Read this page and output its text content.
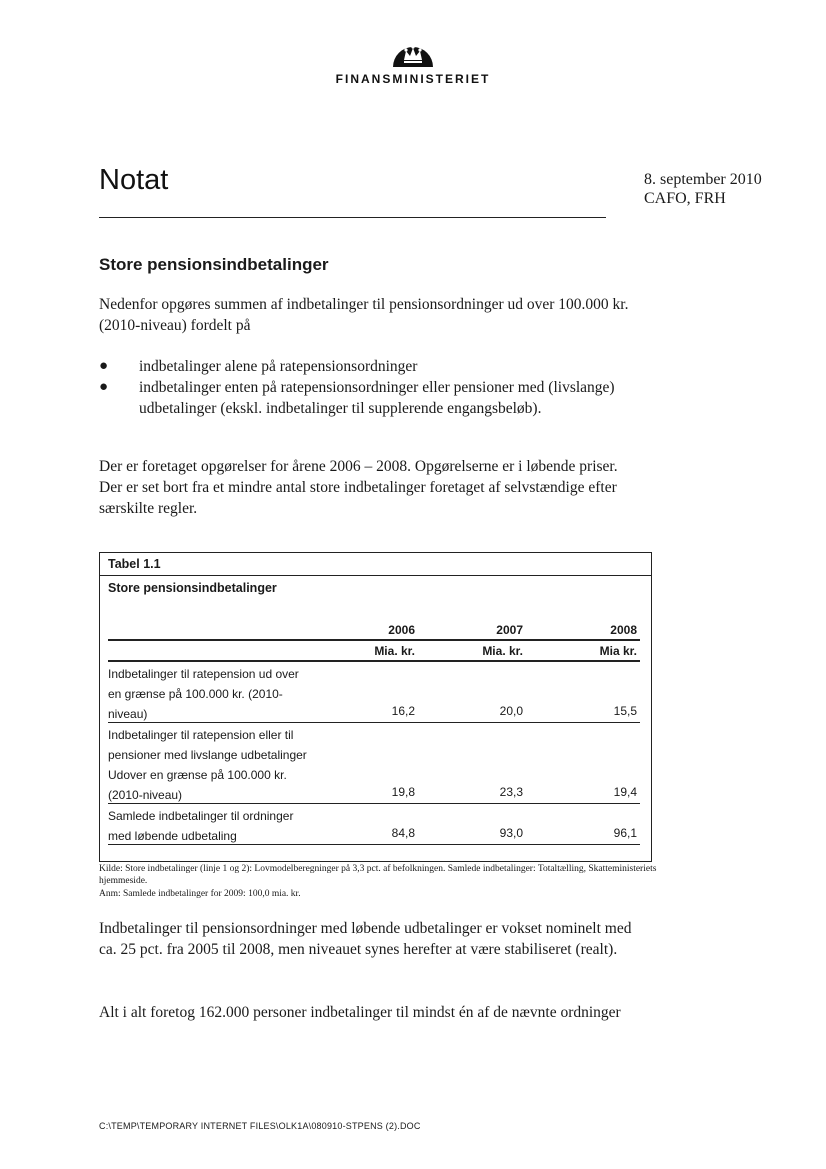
FINANSMINISTERIET
Notat	8. september 2010
CAFO, FRH
Store pensionsindbetalinger
Nedenfor opgøres summen af indbetalinger til pensionsordninger ud over 100.000 kr. (2010-niveau) fordelt på
● indbetalinger alene på ratepensionsordninger
● indbetalinger enten på ratepensionsordninger eller pensioner med (livslange) udbetalinger (ekskl. indbetalinger til supplerende engangsbeløb).
Der er foretaget opgørelser for årene 2006 – 2008. Opgørelserne er i løbende priser. Der er set bort fra et mindre antal store indbetalinger foretaget af selvstændige efter særskilte regler.
Tabel 1.1
Store pensionsindbetalinger
2006	2007	2008
Mia. kr.	Mia. kr.	Mia kr.
Indbetalinger til ratepension ud over
en grænse på 100.000 kr. (2010-
niveau)	16,2	20,0	15,5
Indbetalinger til ratepension eller til
pensioner med livslange udbetalinger
Udover en grænse på 100.000 kr.
(2010-niveau)	19,8	23,3	19,4
Samlede indbetalinger til ordninger
med løbende udbetaling	84,8	93,0	96,1
Kilde: Store indbetalinger (linje 1 og 2): Lovmodelberegninger på 3,3 pct. af befolkningen. Samlede indbetalinger: Totaltælling, Skatteministeriets hjemmeside.
Anm: Samlede indbetalinger for 2009: 100,0 mia. kr.
Indbetalinger til pensionsordninger med løbende udbetalinger er vokset nominelt med ca. 25 pct. fra 2005 til 2008, men niveauet synes herefter at være stabiliseret (realt).
Alt i alt foretog 162.000 personer indbetalinger til mindst én af de nævnte ordninger
C:\TEMP\TEMPORARY INTERNET FILES\OLK1A\080910-STPENS (2).DOC
